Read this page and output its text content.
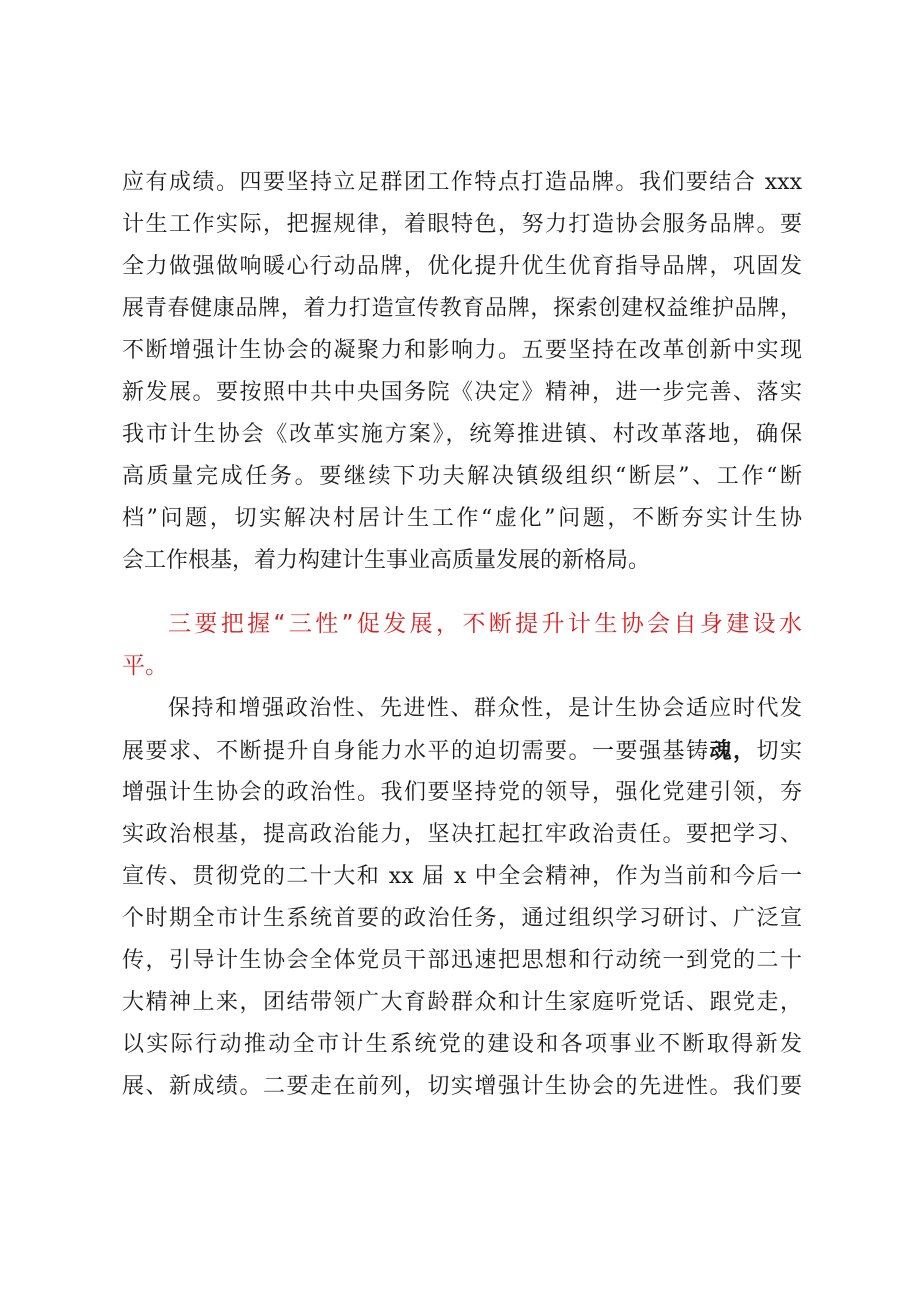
应有成绩。四要坚持立足群团工作特点打造品牌。我们要结合 xxx
计生工作实际，把握规律，着眼特色，努力打造协会服务品牌。要
全力做强做响暖心行动品牌，优化提升优生优育指导品牌，巩固发
展青春健康品牌，着力打造宣传教育品牌，探索创建权益维护品牌，
不断增强计生协会的凝聚力和影响力。五要坚持在改革创新中实现
新发展。要按照中共中央国务院《决定》精神，进一步完善、落实
我市计生协会《改革实施方案》，统筹推进镇、村改革落地，确保
高质量完成任务。要继续下功夫解决镇级组织“断层”、工作“断
档”问题，切实解决村居计生工作“虚化”问题，不断夯实计生协
会工作根基，着力构建计生事业高质量发展的新格局。
三要把握“三性”促发展，不断提升计生协会自身建设水
平。
保持和增强政治性、先进性、群众性，是计生协会适应时代发
展要求、不断提升自身能力水平的迫切需要。一要强基铸魂，切实
增强计生协会的政治性。我们要坚持党的领导，强化党建引领，夯
实政治根基，提高政治能力，坚决扛起扛牢政治责任。要把学习、
宣传、贯彻党的二十大和 xx 届 x 中全会精神，作为当前和今后一
个时期全市计生系统首要的政治任务，通过组织学习研讨、广泛宣
传，引导计生协会全体党员干部迅速把思想和行动统一到党的二十
大精神上来，团结带领广大育龄群众和计生家庭听党话、跟党走，
以实际行动推动全市计生系统党的建设和各项事业不断取得新发
展、新成绩。二要走在前列，切实增强计生协会的先进性。我们要
